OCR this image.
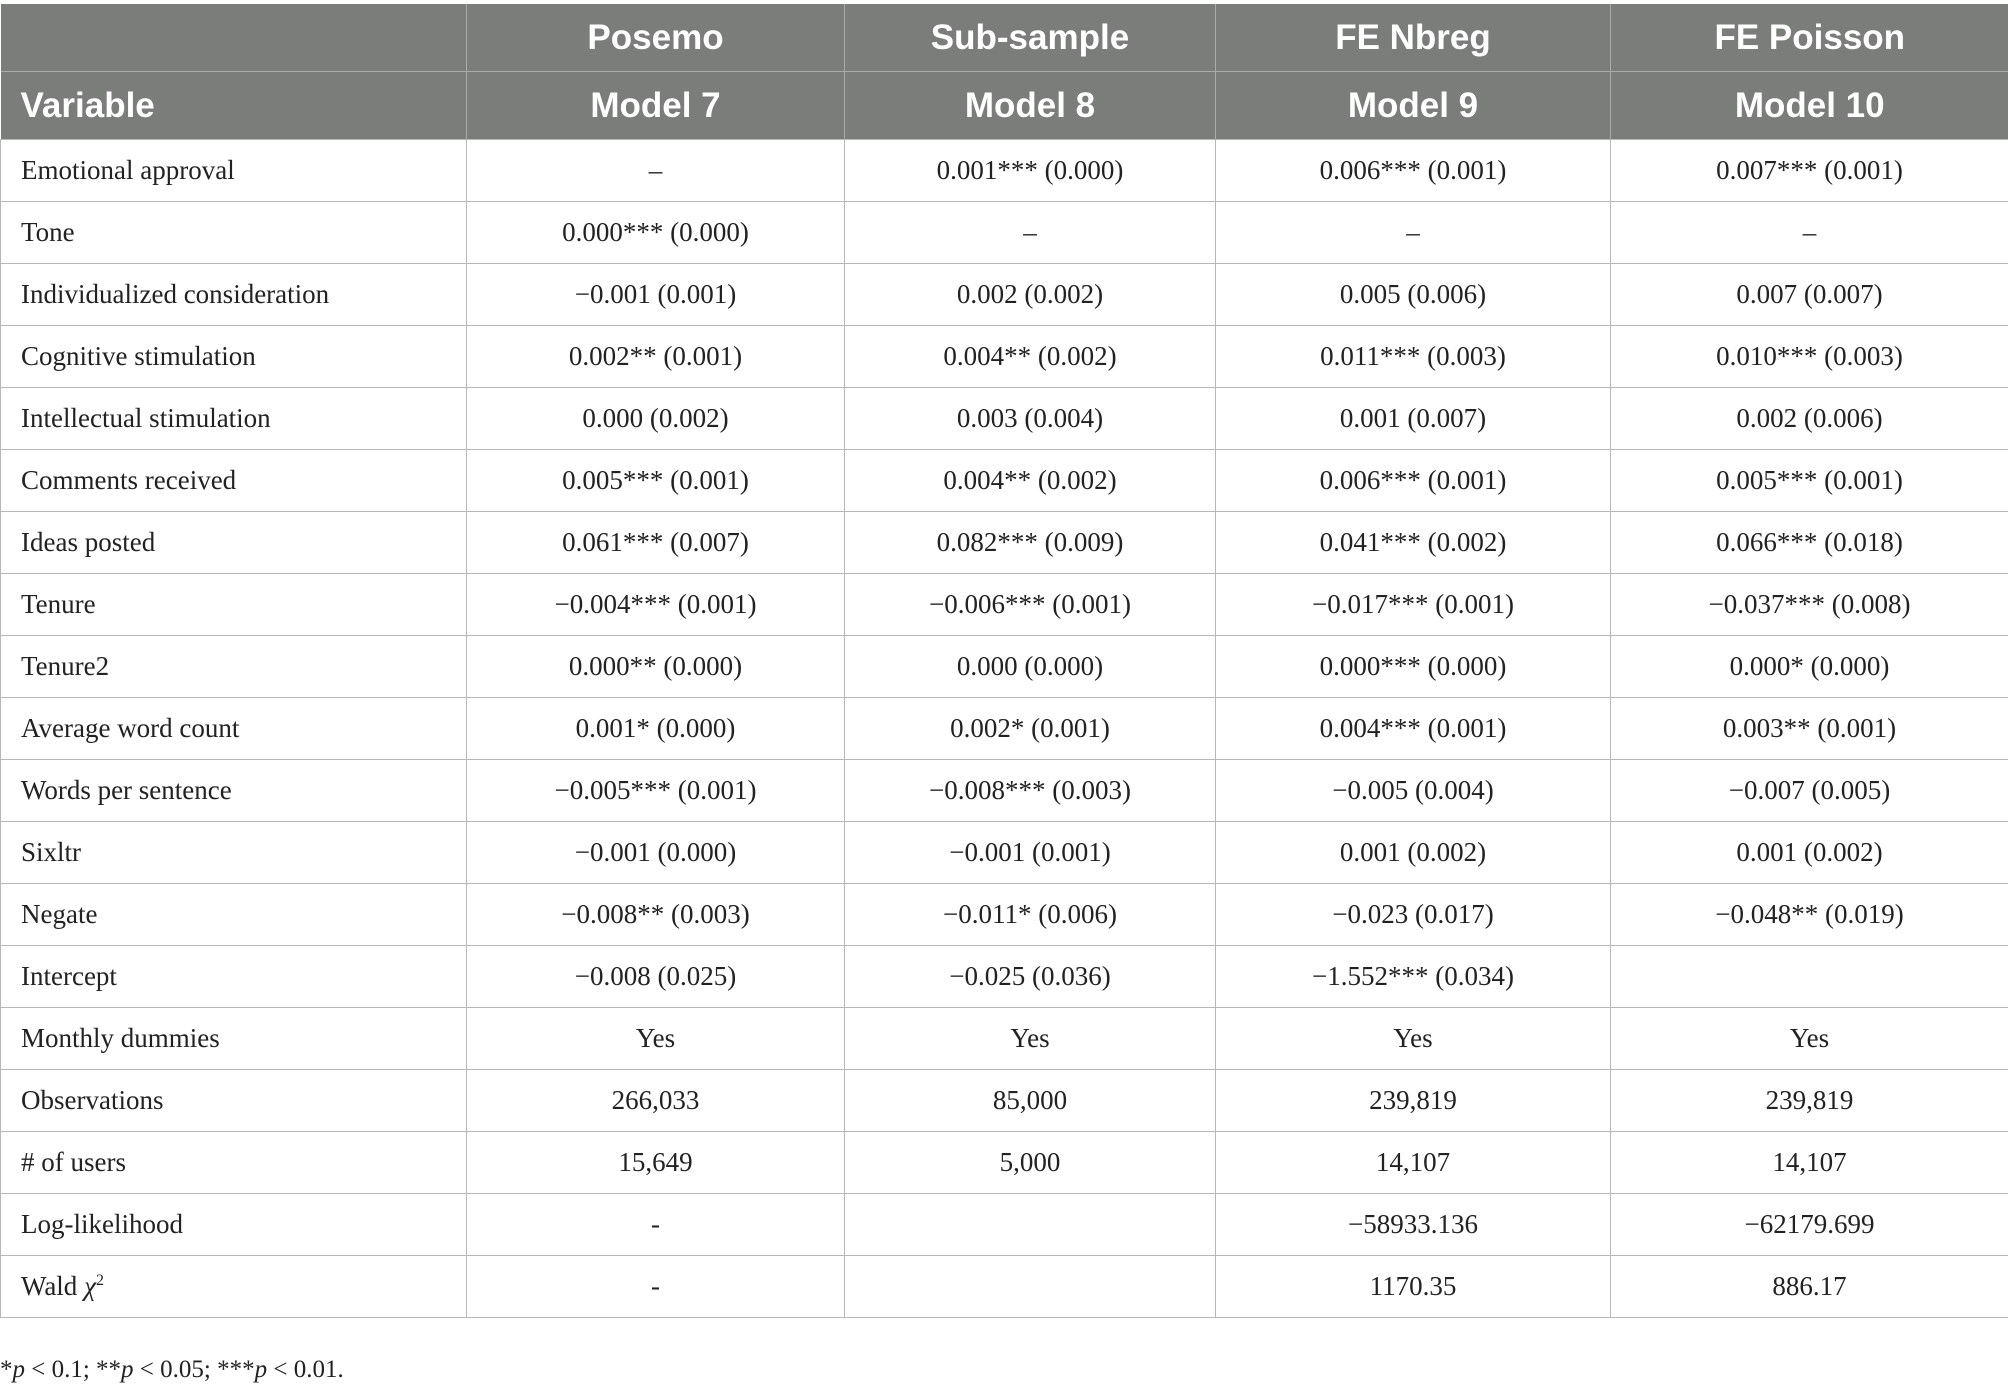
	Posemo	Sub-sample	FE Nbreg	FE Poisson
Variable	Model 7	Model 8	Model 9	Model 10
Emotional approval	–	0.001*** (0.000)	0.006*** (0.001)	0.007*** (0.001)
Tone	0.000*** (0.000)	–	–	–
Individualized consideration	−0.001 (0.001)	0.002 (0.002)	0.005 (0.006)	0.007 (0.007)
Cognitive stimulation	0.002** (0.001)	0.004** (0.002)	0.011*** (0.003)	0.010*** (0.003)
Intellectual stimulation	0.000 (0.002)	0.003 (0.004)	0.001 (0.007)	0.002 (0.006)
Comments received	0.005*** (0.001)	0.004** (0.002)	0.006*** (0.001)	0.005*** (0.001)
Ideas posted	0.061*** (0.007)	0.082*** (0.009)	0.041*** (0.002)	0.066*** (0.018)
Tenure	−0.004*** (0.001)	−0.006*** (0.001)	−0.017*** (0.001)	−0.037*** (0.008)
Tenure2	0.000** (0.000)	0.000 (0.000)	0.000*** (0.000)	0.000* (0.000)
Average word count	0.001* (0.000)	0.002* (0.001)	0.004*** (0.001)	0.003** (0.001)
Words per sentence	−0.005*** (0.001)	−0.008*** (0.003)	−0.005 (0.004)	−0.007 (0.005)
Sixltr	−0.001 (0.000)	−0.001 (0.001)	0.001 (0.002)	0.001 (0.002)
Negate	−0.008** (0.003)	−0.011* (0.006)	−0.023 (0.017)	−0.048** (0.019)
Intercept	−0.008 (0.025)	−0.025 (0.036)	−1.552*** (0.034)	
Monthly dummies	Yes	Yes	Yes	Yes
Observations	266,033	85,000	239,819	239,819
# of users	15,649	5,000	14,107	14,107
Log-likelihood	-		−58933.136	−62179.699
Wald $\chi^2$	-		1170.35	886.17
*p < 0.1; **p < 0.05; ***p < 0.01.
